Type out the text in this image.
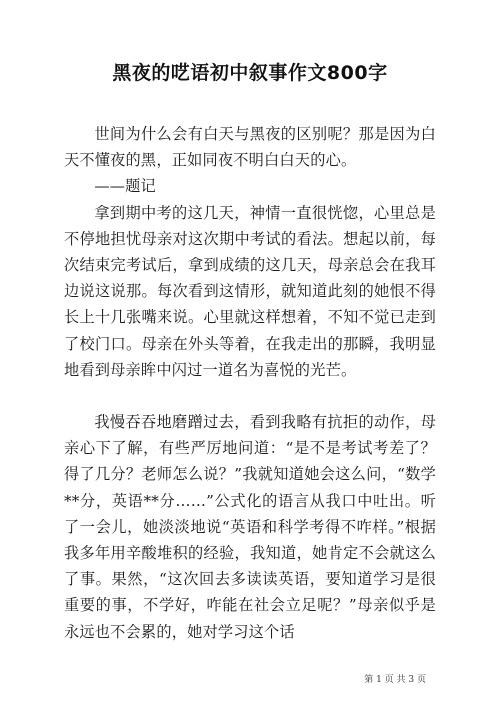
黑夜的呓语初中叙事作文800字

世间为什么会有白天与黑夜的区别呢？那是因为白天不懂夜的黑，正如同夜不明白白天的心。

——题记

拿到期中考的这几天，神情一直很恍惚，心里总是不停地担忧母亲对这次期中考试的看法。想起以前，每次结束完考试后，拿到成绩的这几天，母亲总会在我耳边说这说那。每次看到这情形，就知道此刻的她恨不得长上十几张嘴来说。心里就这样想着，不知不觉已走到了校门口。母亲在外头等着，在我走出的那瞬，我明显地看到母亲眸中闪过一道名为喜悦的光芒。

我慢吞吞地磨蹭过去，看到我略有抗拒的动作，母亲心下了解，有些严厉地问道：“是不是考试考差了？得了几分？老师怎么说？”我就知道她会这么问，“数学**分，英语**分……”公式化的语言从我口中吐出。听了一会儿，她淡淡地说“英语和科学考得不咋样。”根据我多年用辛酸堆积的经验，我知道，她肯定不会就这么了事。果然，“这次回去多读读英语，要知道学习是很重要的事，不学好，咋能在社会立足呢？”母亲似乎是永远也不会累的，她对学习这个话

第 1 页 共 3 页
